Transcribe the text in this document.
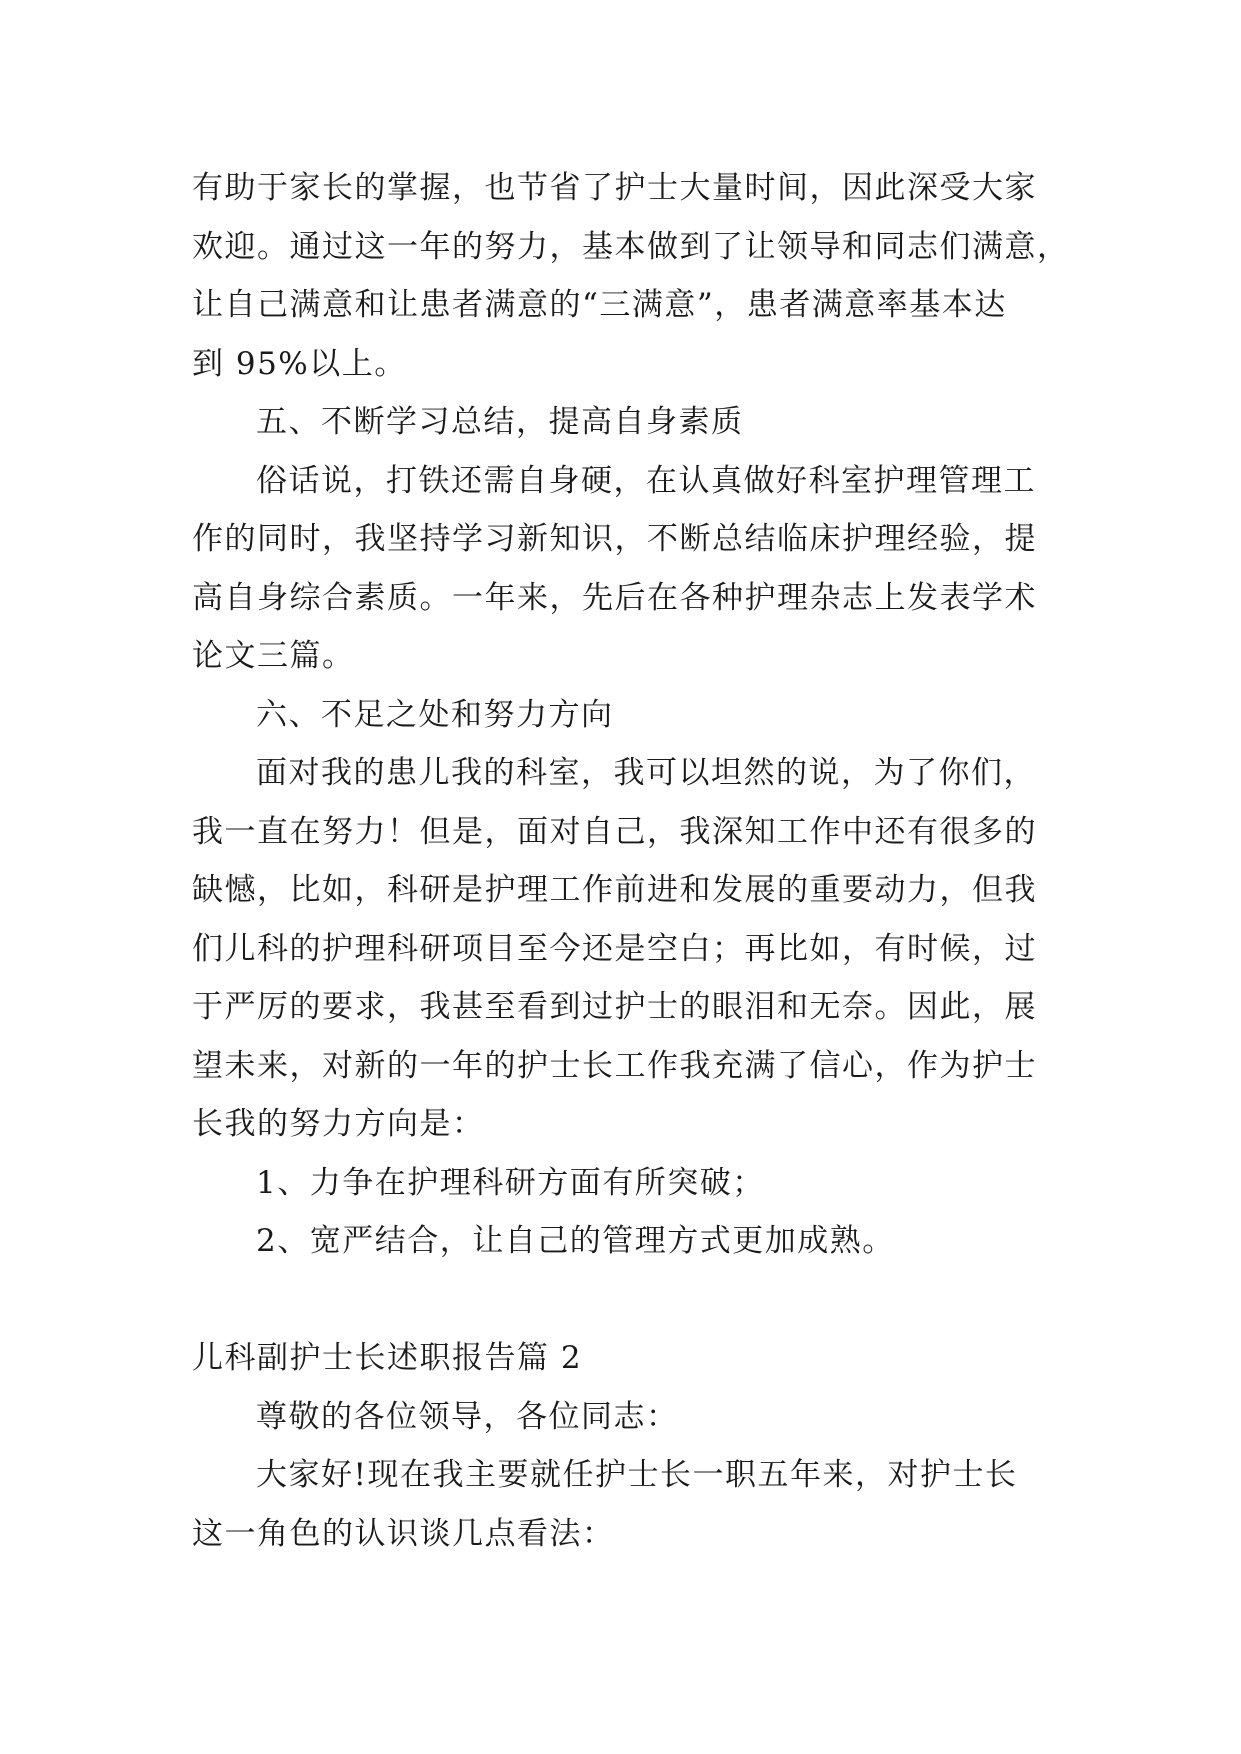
有助于家长的掌握，也节省了护士大量时间，因此深受大家
欢迎。通过这一年的努力，基本做到了让领导和同志们满意，
让自己满意和让患者满意的“三满意”，患者满意率基本达
到 95%以上。
五、不断学习总结，提高自身素质
俗话说，打铁还需自身硬，在认真做好科室护理管理工
作的同时，我坚持学习新知识，不断总结临床护理经验，提
高自身综合素质。一年来，先后在各种护理杂志上发表学术
论文三篇。
六、不足之处和努力方向
面对我的患儿我的科室，我可以坦然的说，为了你们，
我一直在努力！但是，面对自己，我深知工作中还有很多的
缺憾，比如，科研是护理工作前进和发展的重要动力，但我
们儿科的护理科研项目至今还是空白；再比如，有时候，过
于严厉的要求，我甚至看到过护士的眼泪和无奈。因此，展
望未来，对新的一年的护士长工作我充满了信心，作为护士
长我的努力方向是：
1、力争在护理科研方面有所突破；
2、宽严结合，让自己的管理方式更加成熟。
儿科副护士长述职报告篇 2
尊敬的各位领导，各位同志：
大家好!现在我主要就任护士长一职五年来，对护士长
这一角色的认识谈几点看法：
